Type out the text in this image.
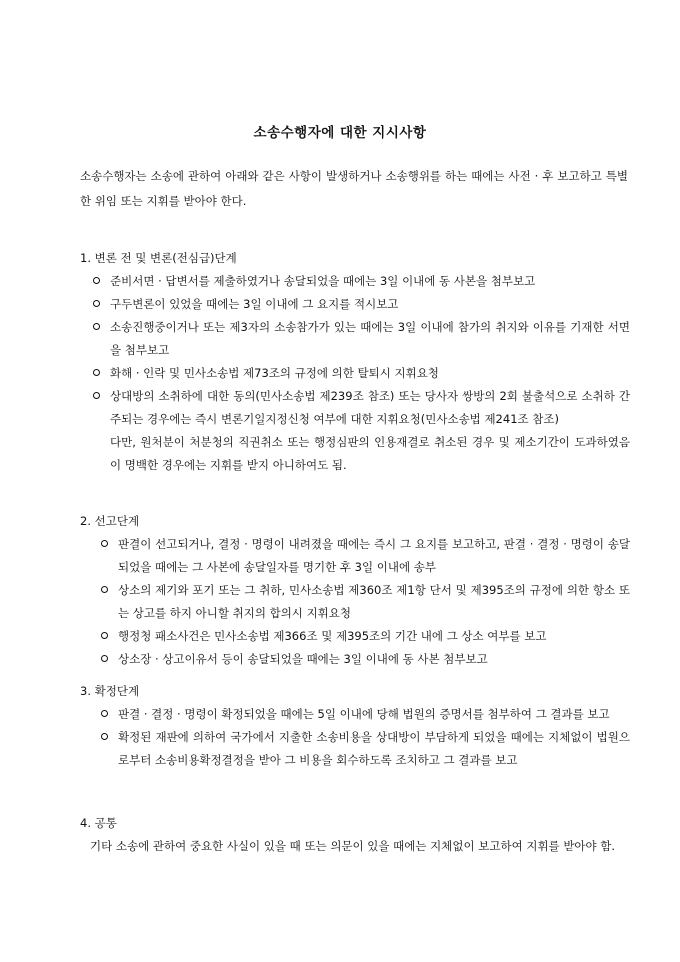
소송수행자에 대한 지시사항
소송수행자는 소송에 관하여 아래와 같은 사항이 발생하거나 소송행위를 하는 때에는 사전 · 후 보고하고 특별한 위임 또는 지휘를 받아야 한다.
1. 변론 전 및 변론(전심급)단계
준비서면 · 답변서를 제출하였거나 송달되었을 때에는 3일 이내에 동 사본을 첨부보고
구두변론이 있었을 때에는 3일 이내에 그 요지를 적시보고
소송진행중이거나 또는 제3자의 소송참가가 있는 때에는 3일 이내에 참가의 취지와 이유를 기재한 서면을 첨부보고
화해 · 인락 및 민사소송법 제73조의 규정에 의한 탈퇴시 지휘요청
상대방의 소취하에 대한 동의(민사소송법 제239조 참조) 또는 당사자 쌍방의 2회 불출석으로 소취하 간주되는 경우에는 즉시 변론기일지정신청 여부에 대한 지휘요청(민사소송법 제241조 참조)
다만, 원처분이 처분청의 직권취소 또는 행정심판의 인용재결로 취소된 경우 및 제소기간이 도과하였음이 명백한 경우에는 지휘를 받지 아니하여도 됨.
2. 선고단계
판결이 선고되거나, 결정 · 명령이 내려졌을 때에는 즉시 그 요지를 보고하고, 판결 · 결정 · 명령이 송달되었을 때에는 그 사본에 송달일자를 명기한 후 3일 이내에 송부
상소의 제기와 포기 또는 그 취하, 민사소송법 제360조 제1항 단서 및 제395조의 규정에 의한 항소 또는 상고를 하지 아니할 취지의 합의시 지휘요청
행정청 패소사건은 민사소송법 제366조 및 제395조의 기간 내에 그 상소 여부를 보고
상소장 · 상고이유서 등이 송달되었을 때에는 3일 이내에 동 사본 첨부보고
3. 확정단계
판결 · 결정 · 명령이 확정되었을 때에는 5일 이내에 당해 법원의 증명서를 첨부하여 그 결과를 보고
확정된 재판에 의하여 국가에서 지출한 소송비용을 상대방이 부담하게 되었을 때에는 지체없이 법원으로부터 소송비용확정결정을 받아 그 비용을 회수하도록 조치하고 그 결과를 보고
4. 공통
기타 소송에 관하여 중요한 사실이 있을 때 또는 의문이 있을 때에는 지체없이 보고하여 지휘를 받아야 함.
